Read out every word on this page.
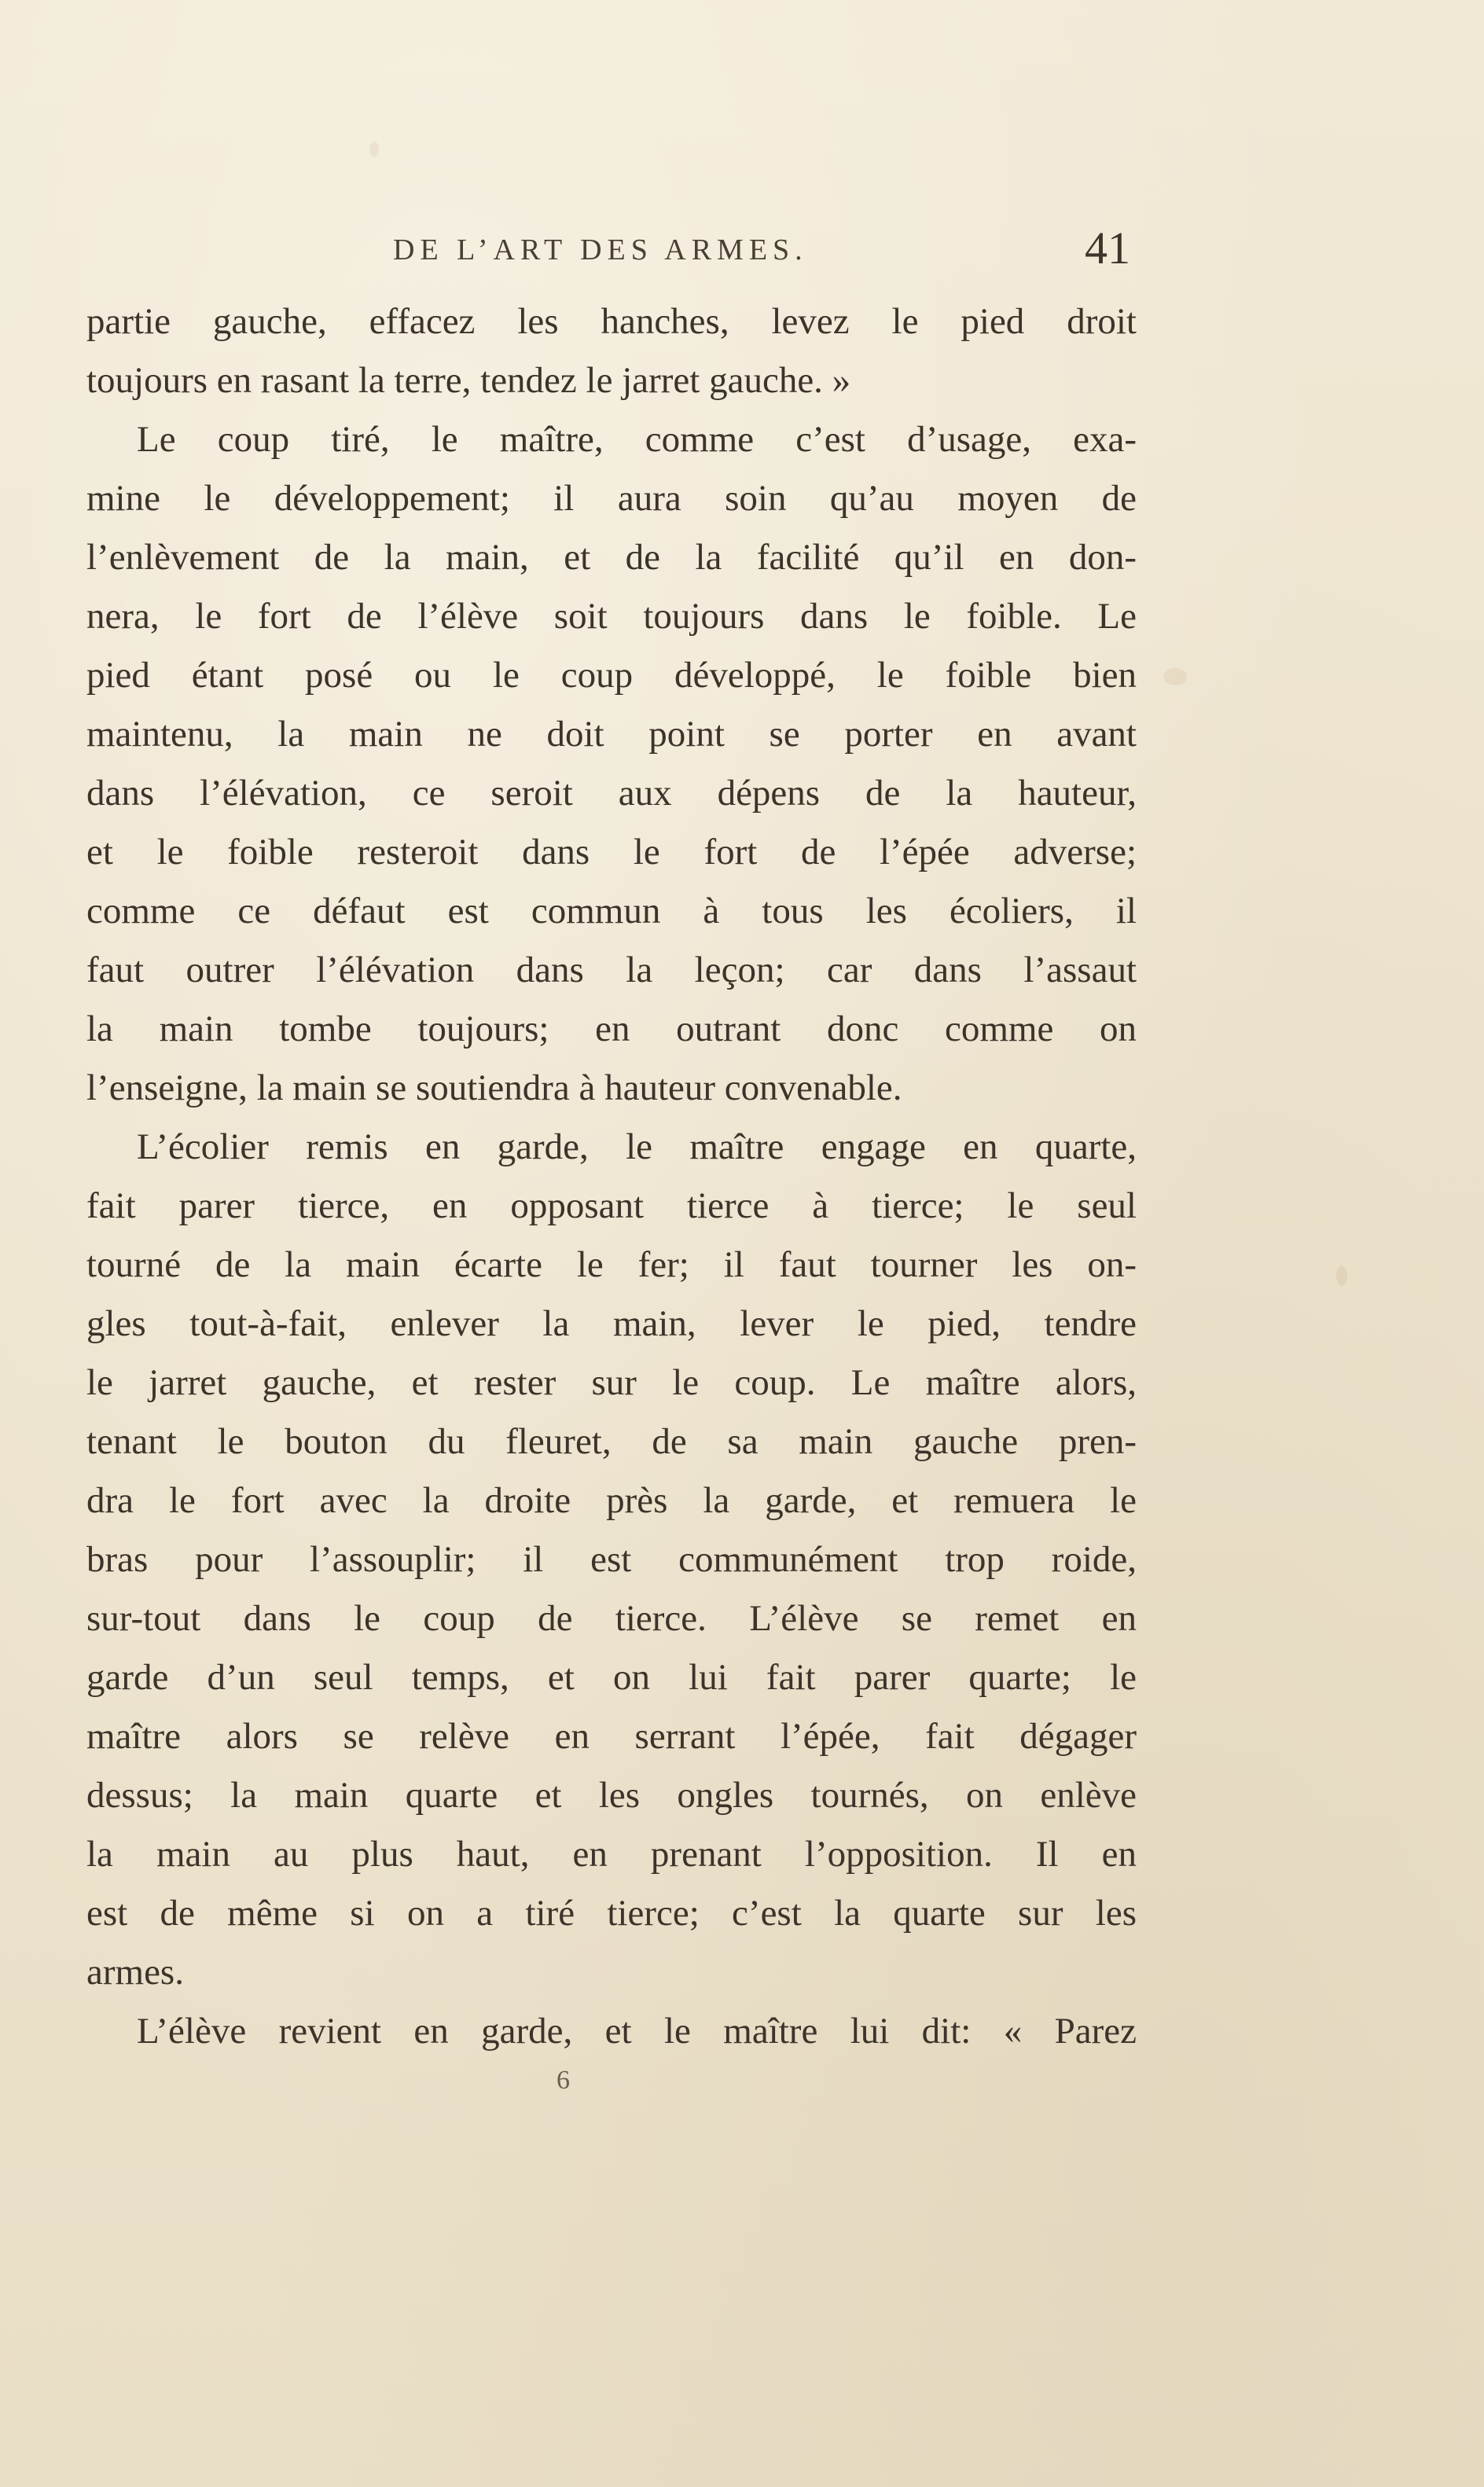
DE L’ART DES ARMES.	41
partie gauche, effacez les hanches, levez le pied droit
toujours en rasant la terre, tendez le jarret gauche. »
Le coup tiré, le maître, comme c’est d’usage, exa-
mine le développement; il aura soin qu’au moyen de
l’enlèvement de la main, et de la facilité qu’il en don-
nera, le fort de l’élève soit toujours dans le foible. Le
pied étant posé ou le coup développé, le foible bien
maintenu, la main ne doit point se porter en avant
dans l’élévation, ce seroit aux dépens de la hauteur,
et le foible resteroit dans le fort de l’épée adverse;
comme ce défaut est commun à tous les écoliers, il
faut outrer l’élévation dans la leçon; car dans l’assaut
la main tombe toujours; en outrant donc comme on
l’enseigne, la main se soutiendra à hauteur convenable.
L’écolier remis en garde, le maître engage en quarte,
fait parer tierce, en opposant tierce à tierce; le seul
tourné de la main écarte le fer; il faut tourner les on-
gles tout-à-fait, enlever la main, lever le pied, tendre
le jarret gauche, et rester sur le coup. Le maître alors,
tenant le bouton du fleuret, de sa main gauche pren-
dra le fort avec la droite près la garde, et remuera le
bras pour l’assouplir; il est communément trop roide,
sur-tout dans le coup de tierce. L’élève se remet en
garde d’un seul temps, et on lui fait parer quarte; le
maître alors se relève en serrant l’épée, fait dégager
dessus; la main quarte et les ongles tournés, on enlève
la main au plus haut, en prenant l’opposition. Il en
est de même si on a tiré tierce; c’est la quarte sur les
armes.
L’élève revient en garde, et le maître lui dit: « Parez
6
